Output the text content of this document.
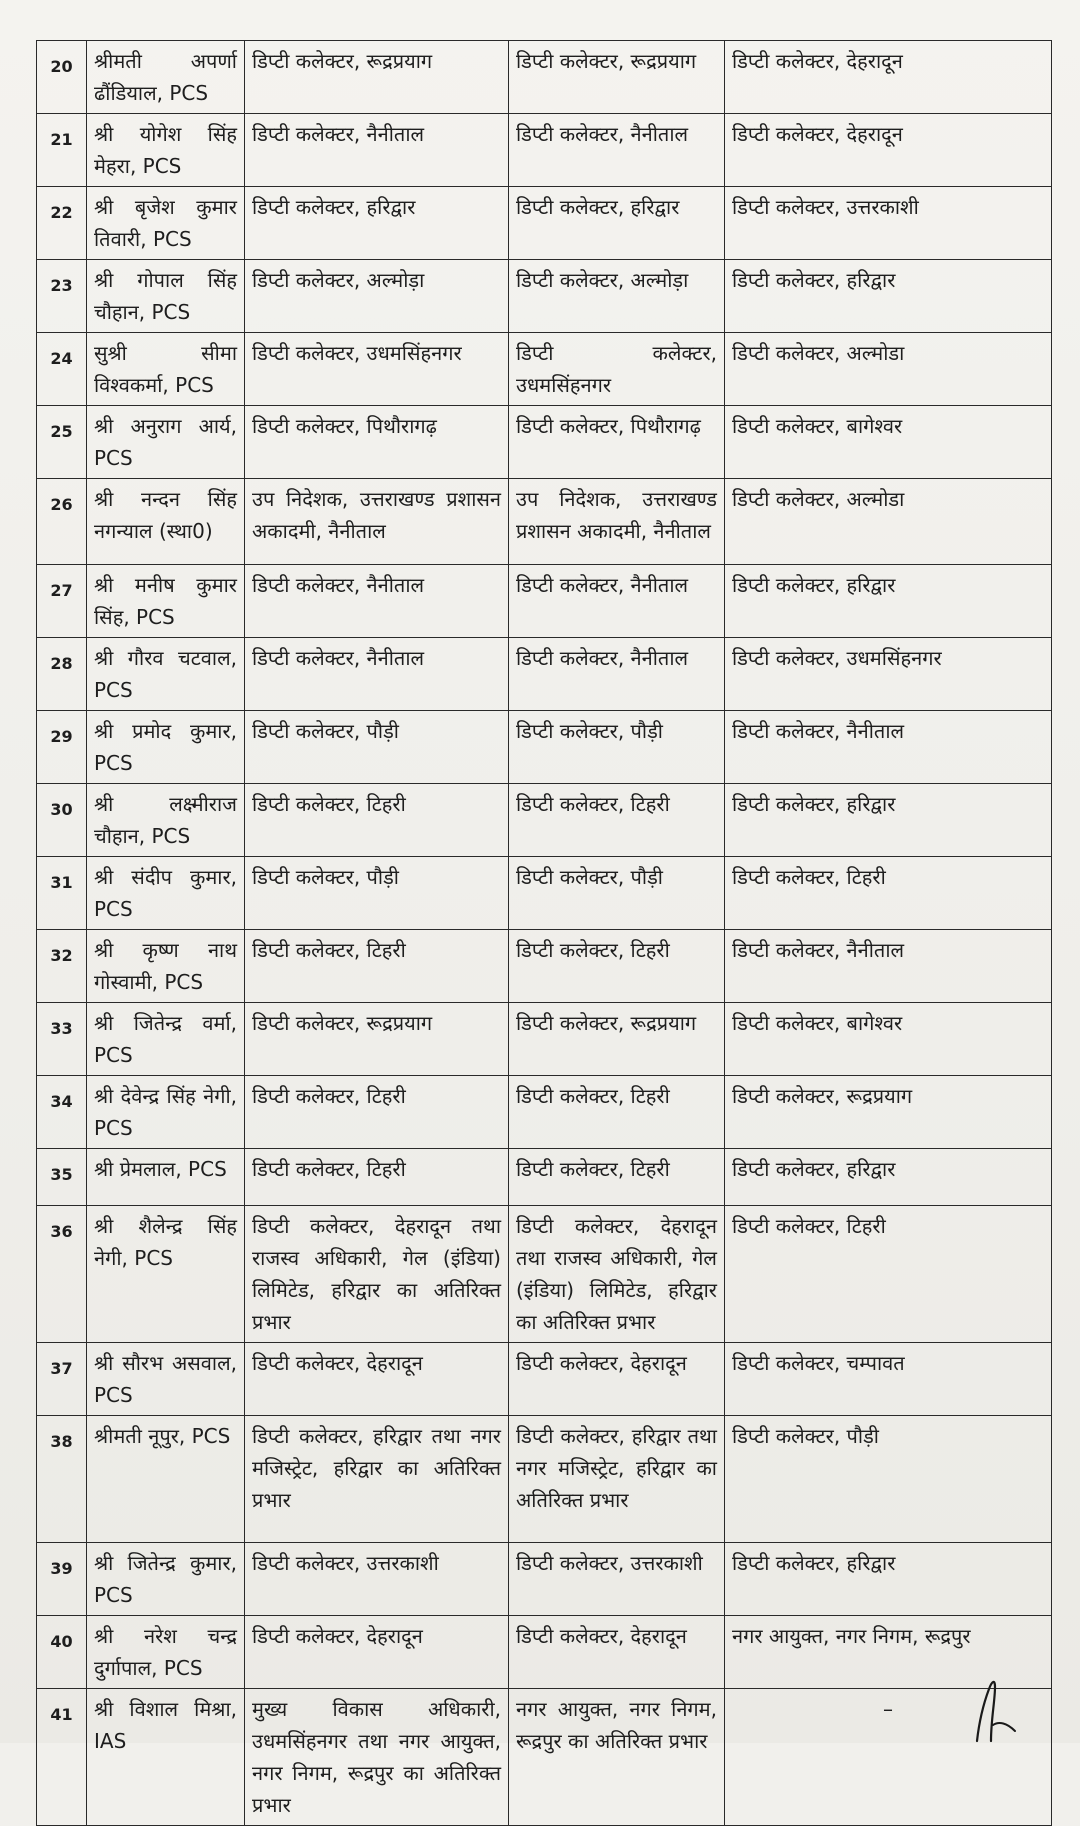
20	श्रीमती अपर्णा ढौंडियाल, PCS	डिप्टी कलेक्टर, रूद्रप्रयाग	डिप्टी कलेक्टर, रूद्रप्रयाग	डिप्टी कलेक्टर, देहरादून
21	श्री योगेश सिंह मेहरा, PCS	डिप्टी कलेक्टर, नैनीताल	डिप्टी कलेक्टर, नैनीताल	डिप्टी कलेक्टर, देहरादून
22	श्री बृजेश कुमार तिवारी, PCS	डिप्टी कलेक्टर, हरिद्वार	डिप्टी कलेक्टर, हरिद्वार	डिप्टी कलेक्टर, उत्तरकाशी
23	श्री गोपाल सिंह चौहान, PCS	डिप्टी कलेक्टर, अल्मोड़ा	डिप्टी कलेक्टर, अल्मोड़ा	डिप्टी कलेक्टर, हरिद्वार
24	सुश्री सीमा विश्वकर्मा, PCS	डिप्टी कलेक्टर, उधमसिंहनगर	डिप्टी कलेक्टर, उधमसिंहनगर	डिप्टी कलेक्टर, अल्मोडा
25	श्री अनुराग आर्य, PCS	डिप्टी कलेक्टर, पिथौरागढ़	डिप्टी कलेक्टर, पिथौरागढ़	डिप्टी कलेक्टर, बागेश्वर
26	श्री नन्दन सिंह नगन्याल (स्था0)	उप निदेशक, उत्तराखण्ड प्रशासन अकादमी, नैनीताल	उप निदेशक, उत्तराखण्ड प्रशासन अकादमी, नैनीताल	डिप्टी कलेक्टर, अल्मोडा
27	श्री मनीष कुमार सिंह, PCS	डिप्टी कलेक्टर, नैनीताल	डिप्टी कलेक्टर, नैनीताल	डिप्टी कलेक्टर, हरिद्वार
28	श्री गौरव चटवाल, PCS	डिप्टी कलेक्टर, नैनीताल	डिप्टी कलेक्टर, नैनीताल	डिप्टी कलेक्टर, उधमसिंहनगर
29	श्री प्रमोद कुमार, PCS	डिप्टी कलेक्टर, पौड़ी	डिप्टी कलेक्टर, पौड़ी	डिप्टी कलेक्टर, नैनीताल
30	श्री लक्ष्मीराज चौहान, PCS	डिप्टी कलेक्टर, टिहरी	डिप्टी कलेक्टर, टिहरी	डिप्टी कलेक्टर, हरिद्वार
31	श्री संदीप कुमार, PCS	डिप्टी कलेक्टर, पौड़ी	डिप्टी कलेक्टर, पौड़ी	डिप्टी कलेक्टर, टिहरी
32	श्री कृष्ण नाथ गोस्वामी, PCS	डिप्टी कलेक्टर, टिहरी	डिप्टी कलेक्टर, टिहरी	डिप्टी कलेक्टर, नैनीताल
33	श्री जितेन्द्र वर्मा, PCS	डिप्टी कलेक्टर, रूद्रप्रयाग	डिप्टी कलेक्टर, रूद्रप्रयाग	डिप्टी कलेक्टर, बागेश्वर
34	श्री देवेन्द्र सिंह नेगी, PCS	डिप्टी कलेक्टर, टिहरी	डिप्टी कलेक्टर, टिहरी	डिप्टी कलेक्टर, रूद्रप्रयाग
35	श्री प्रेमलाल, PCS	डिप्टी कलेक्टर, टिहरी	डिप्टी कलेक्टर, टिहरी	डिप्टी कलेक्टर, हरिद्वार
36	श्री शैलेन्द्र सिंह नेगी, PCS	डिप्टी कलेक्टर, देहरादून तथा राजस्व अधिकारी, गेल (इंडिया) लिमिटेड, हरिद्वार का अतिरिक्त प्रभार	डिप्टी कलेक्टर, देहरादून तथा राजस्व अधिकारी, गेल (इंडिया) लिमिटेड, हरिद्वार का अतिरिक्त प्रभार	डिप्टी कलेक्टर, टिहरी
37	श्री सौरभ असवाल, PCS	डिप्टी कलेक्टर, देहरादून	डिप्टी कलेक्टर, देहरादून	डिप्टी कलेक्टर, चम्पावत
38	श्रीमती नूपुर, PCS	डिप्टी कलेक्टर, हरिद्वार तथा नगर मजिस्ट्रेट, हरिद्वार का अतिरिक्त प्रभार	डिप्टी कलेक्टर, हरिद्वार तथा नगर मजिस्ट्रेट, हरिद्वार का अतिरिक्त प्रभार	डिप्टी कलेक्टर, पौड़ी
39	श्री जितेन्द्र कुमार, PCS	डिप्टी कलेक्टर, उत्तरकाशी	डिप्टी कलेक्टर, उत्तरकाशी	डिप्टी कलेक्टर, हरिद्वार
40	श्री नरेश चन्द्र दुर्गापाल, PCS	डिप्टी कलेक्टर, देहरादून	डिप्टी कलेक्टर, देहरादून	नगर आयुक्त, नगर निगम, रूद्रपुर
41	श्री विशाल मिश्रा, IAS	मुख्य विकास अधिकारी, उधमसिंहनगर तथा नगर आयुक्त, नगर निगम, रूद्रपुर का अतिरिक्त प्रभार	नगर आयुक्त, नगर निगम, रूद्रपुर का अतिरिक्त प्रभार	–
